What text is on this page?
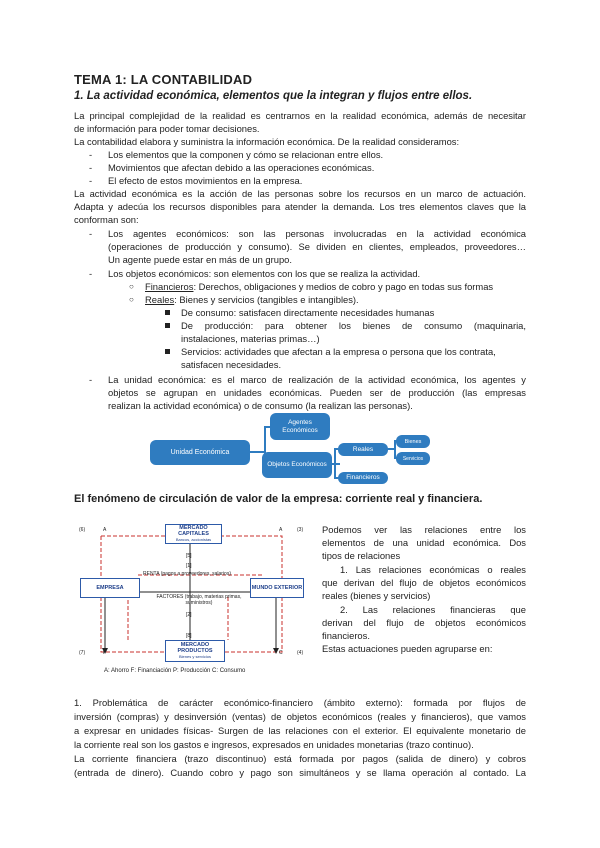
TEMA 1: LA CONTABILIDAD
1. La actividad económica, elementos que la integran y flujos entre ellos.
La principal complejidad de la realidad es centrarnos en la realidad económica, además de necesitar
de información para poder tomar decisiones.
La contabilidad elabora y suministra la información económica. De la realidad consideramos:
- Los elementos que la componen y cómo se relacionan entre ellos.
- Movimientos que afectan debido a las operaciones económicas.
- El efecto de estos movimientos en la empresa.
La actividad económica es la acción de las personas sobre los recursos en un marco de actuación.
Adapta y adecúa los recursos disponibles para atender la demanda. Los tres elementos claves que la
conforman son:
- Los agentes económicos: son las personas involucradas en la actividad económica
(operaciones de producción y consumo). Se dividen en clientes, empleados, proveedores…
Un agente puede estar en más de un grupo.
- Los objetos económicos: son elementos con los que se realiza la actividad.
○ Financieros: Derechos, obligaciones y medios de cobro y pago en todas sus formas
○ Reales: Bienes y servicios (tangibles e intangibles).
De consumo: satisfacen directamente necesidades humanas
De producción: para obtener los bienes de consumo (maquinaria,
instalaciones, materias primas…)
Servicios: actividades que afectan a la empresa o persona que los contrata,
satisfacen necesidades.
- La unidad económica: es el marco de realización de la actividad económica, los agentes y
objetos se agrupan en unidades económicas. Pueden ser de producción (las empresas
realizan la actividad económica) o de consumo (la realizan las personas).
Unidad Económica
Agentes Económicos
Objetos Económicos
Reales
Financieros
Bienes
Servicios
El fenómeno de circulación de valor de la empresa: corriente real y financiera.
MERCADO CAPITALES
Bancos, accionistas
EMPRESA	MUNDO EXTERIOR
MERCADO PRODUCTOS
Bienes y servicios
RENTA (pagos a proveedores, salarios)
FACTORES (trabajo, materias primas, suministros)
[5]
[1]
[2]
[8]
(6)	(3)
(7)	(4)
A	A
P	C
A: Ahorro F: Financiación P: Producción C: Consumo
Podemos ver las relaciones entre los
elementos de una unidad económica. Dos
tipos de relaciones
1. Las relaciones económicas o reales
que derivan del flujo de objetos económicos
reales (bienes y servicios)
2. Las relaciones financieras que
derivan del flujo de objetos económicos
financieros.
Estas actuaciones pueden agruparse en:
1. Problemática de carácter económico-financiero (ámbito externo): formada por flujos de
inversión (compras) y desinversión (ventas) de objetos económicos (reales y financieros), que vamos
a expresar en unidades físicas- Surgen de las relaciones con el exterior. El equivalente monetario de
la corriente real son los gastos e ingresos, expresados en unidades monetarias (trazo continuo).
La corriente financiera (trazo discontinuo) está formada por pagos (salida de dinero) y cobros
(entrada de dinero). Cuando cobro y pago son simultáneos y se llama operación al contado. La
